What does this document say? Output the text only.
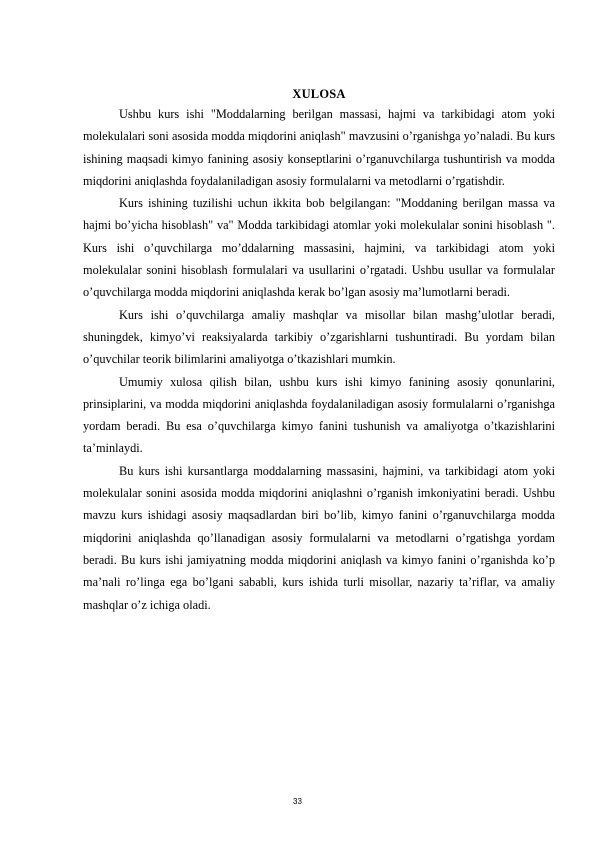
XULOSA

Ushbu kurs ishi "Moddalarning berilgan massasi, hajmi va tarkibidagi atom yoki molekulalari soni asosida modda miqdorini aniqlash" mavzusini o’rganishga yo’naladi. Bu kurs ishining maqsadi kimyo fanining asosiy konseptlarini o’rganuvchilarga tushuntirish va modda miqdorini aniqlashda foydalaniladigan asosiy formulalarni va metodlarni o’rgatishdir.

Kurs ishining tuzilishi uchun ikkita bob belgilangan: "Moddaning berilgan massa va hajmi bo’yicha hisoblash" va" Modda tarkibidagi atomlar yoki molekulalar sonini hisoblash ". Kurs ishi o’quvchilarga mo’ddalarning massasini, hajmini, va tarkibidagi atom yoki molekulalar sonini hisoblash formulalari va usullarini o’rgatadi. Ushbu usullar va formulalar o’quvchilarga modda miqdorini aniqlashda kerak bo’lgan asosiy ma’lumotlarni beradi.

Kurs ishi o’quvchilarga amaliy mashqlar va misollar bilan mashg’ulotlar beradi, shuningdek, kimyo’vi reaksiyalarda tarkibiy o’zgarishlarni tushuntiradi. Bu yordam bilan o’quvchilar teorik bilimlarini amaliyotga o’tkazishlari mumkin.

Umumiy xulosa qilish bilan, ushbu kurs ishi kimyo fanining asosiy qonunlarini, prinsiplarini, va modda miqdorini aniqlashda foydalaniladigan asosiy formulalarni o’rganishga yordam beradi. Bu esa o’quvchilarga kimyo fanini tushunish va amaliyotga o’tkazishlarini ta’minlaydi.

Bu kurs ishi kursantlarga moddalarning massasini, hajmini, va tarkibidagi atom yoki molekulalar sonini asosida modda miqdorini aniqlashni o’rganish imkoniyatini beradi. Ushbu mavzu kurs ishidagi asosiy maqsadlardan biri bo’lib, kimyo fanini o’rganuvchilarga modda miqdorini aniqlashda qo’llanadigan asosiy formulalarni va metodlarni o’rgatishga yordam beradi. Bu kurs ishi jamiyatning modda miqdorini aniqlash va kimyo fanini o’rganishda ko’p ma’nali ro’linga ega bo’lgani sababli, kurs ishida turli misollar, nazariy ta’riflar, va amaliy mashqlar o’z ichiga oladi.

33
